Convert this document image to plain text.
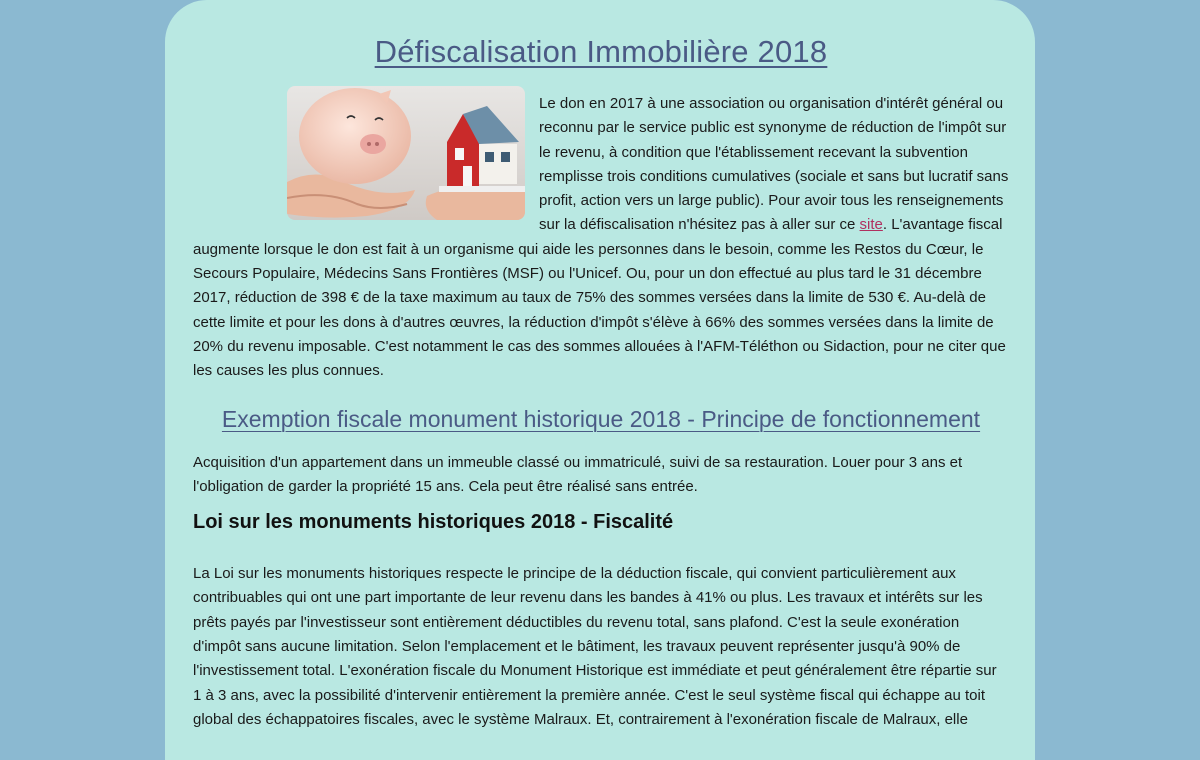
Défiscalisation Immobilière 2018

Le don en 2017 à une association ou organisation d'intérêt général ou reconnu par le service public est synonyme de réduction de l'impôt sur le revenu, à condition que l'établissement recevant la subvention remplisse trois conditions cumulatives (sociale et sans but lucratif sans profit, action vers un large public). Pour avoir tous les renseignements sur la défiscalisation n'hésitez pas à aller sur ce site. L'avantage fiscal augmente lorsque le don est fait à un organisme qui aide les personnes dans le besoin, comme les Restos du Cœur, le Secours Populaire, Médecins Sans Frontières (MSF) ou l'Unicef. Ou, pour un don effectué au plus tard le 31 décembre 2017, réduction de 398 € de la taxe maximum au taux de 75% des sommes versées dans la limite de 530 €. Au-delà de cette limite et pour les dons à d'autres œuvres, la réduction d'impôt s'élève à 66% des sommes versées dans la limite de 20% du revenu imposable. C'est notamment le cas des sommes allouées à l'AFM-Téléthon ou Sidaction, pour ne citer que les causes les plus connues.

Exemption fiscale monument historique 2018 - Principe de fonctionnement

Acquisition d'un appartement dans un immeuble classé ou immatriculé, suivi de sa restauration. Louer pour 3 ans et l'obligation de garder la propriété 15 ans. Cela peut être réalisé sans entrée.

Loi sur les monuments historiques 2018 - Fiscalité

La Loi sur les monuments historiques respecte le principe de la déduction fiscale, qui convient particulièrement aux contribuables qui ont une part importante de leur revenu dans les bandes à 41% ou plus. Les travaux et intérêts sur les prêts payés par l'investisseur sont entièrement déductibles du revenu total, sans plafond. C'est la seule exonération d'impôt sans aucune limitation. Selon l'emplacement et le bâtiment, les travaux peuvent représenter jusqu'à 90% de l'investissement total. L'exonération fiscale du Monument Historique est immédiate et peut généralement être répartie sur 1 à 3 ans, avec la possibilité d'intervenir entièrement la première année. C'est le seul système fiscal qui échappe au toit global des échappatoires fiscales, avec le système Malraux. Et, contrairement à l'exonération fiscale de Malraux, elle
